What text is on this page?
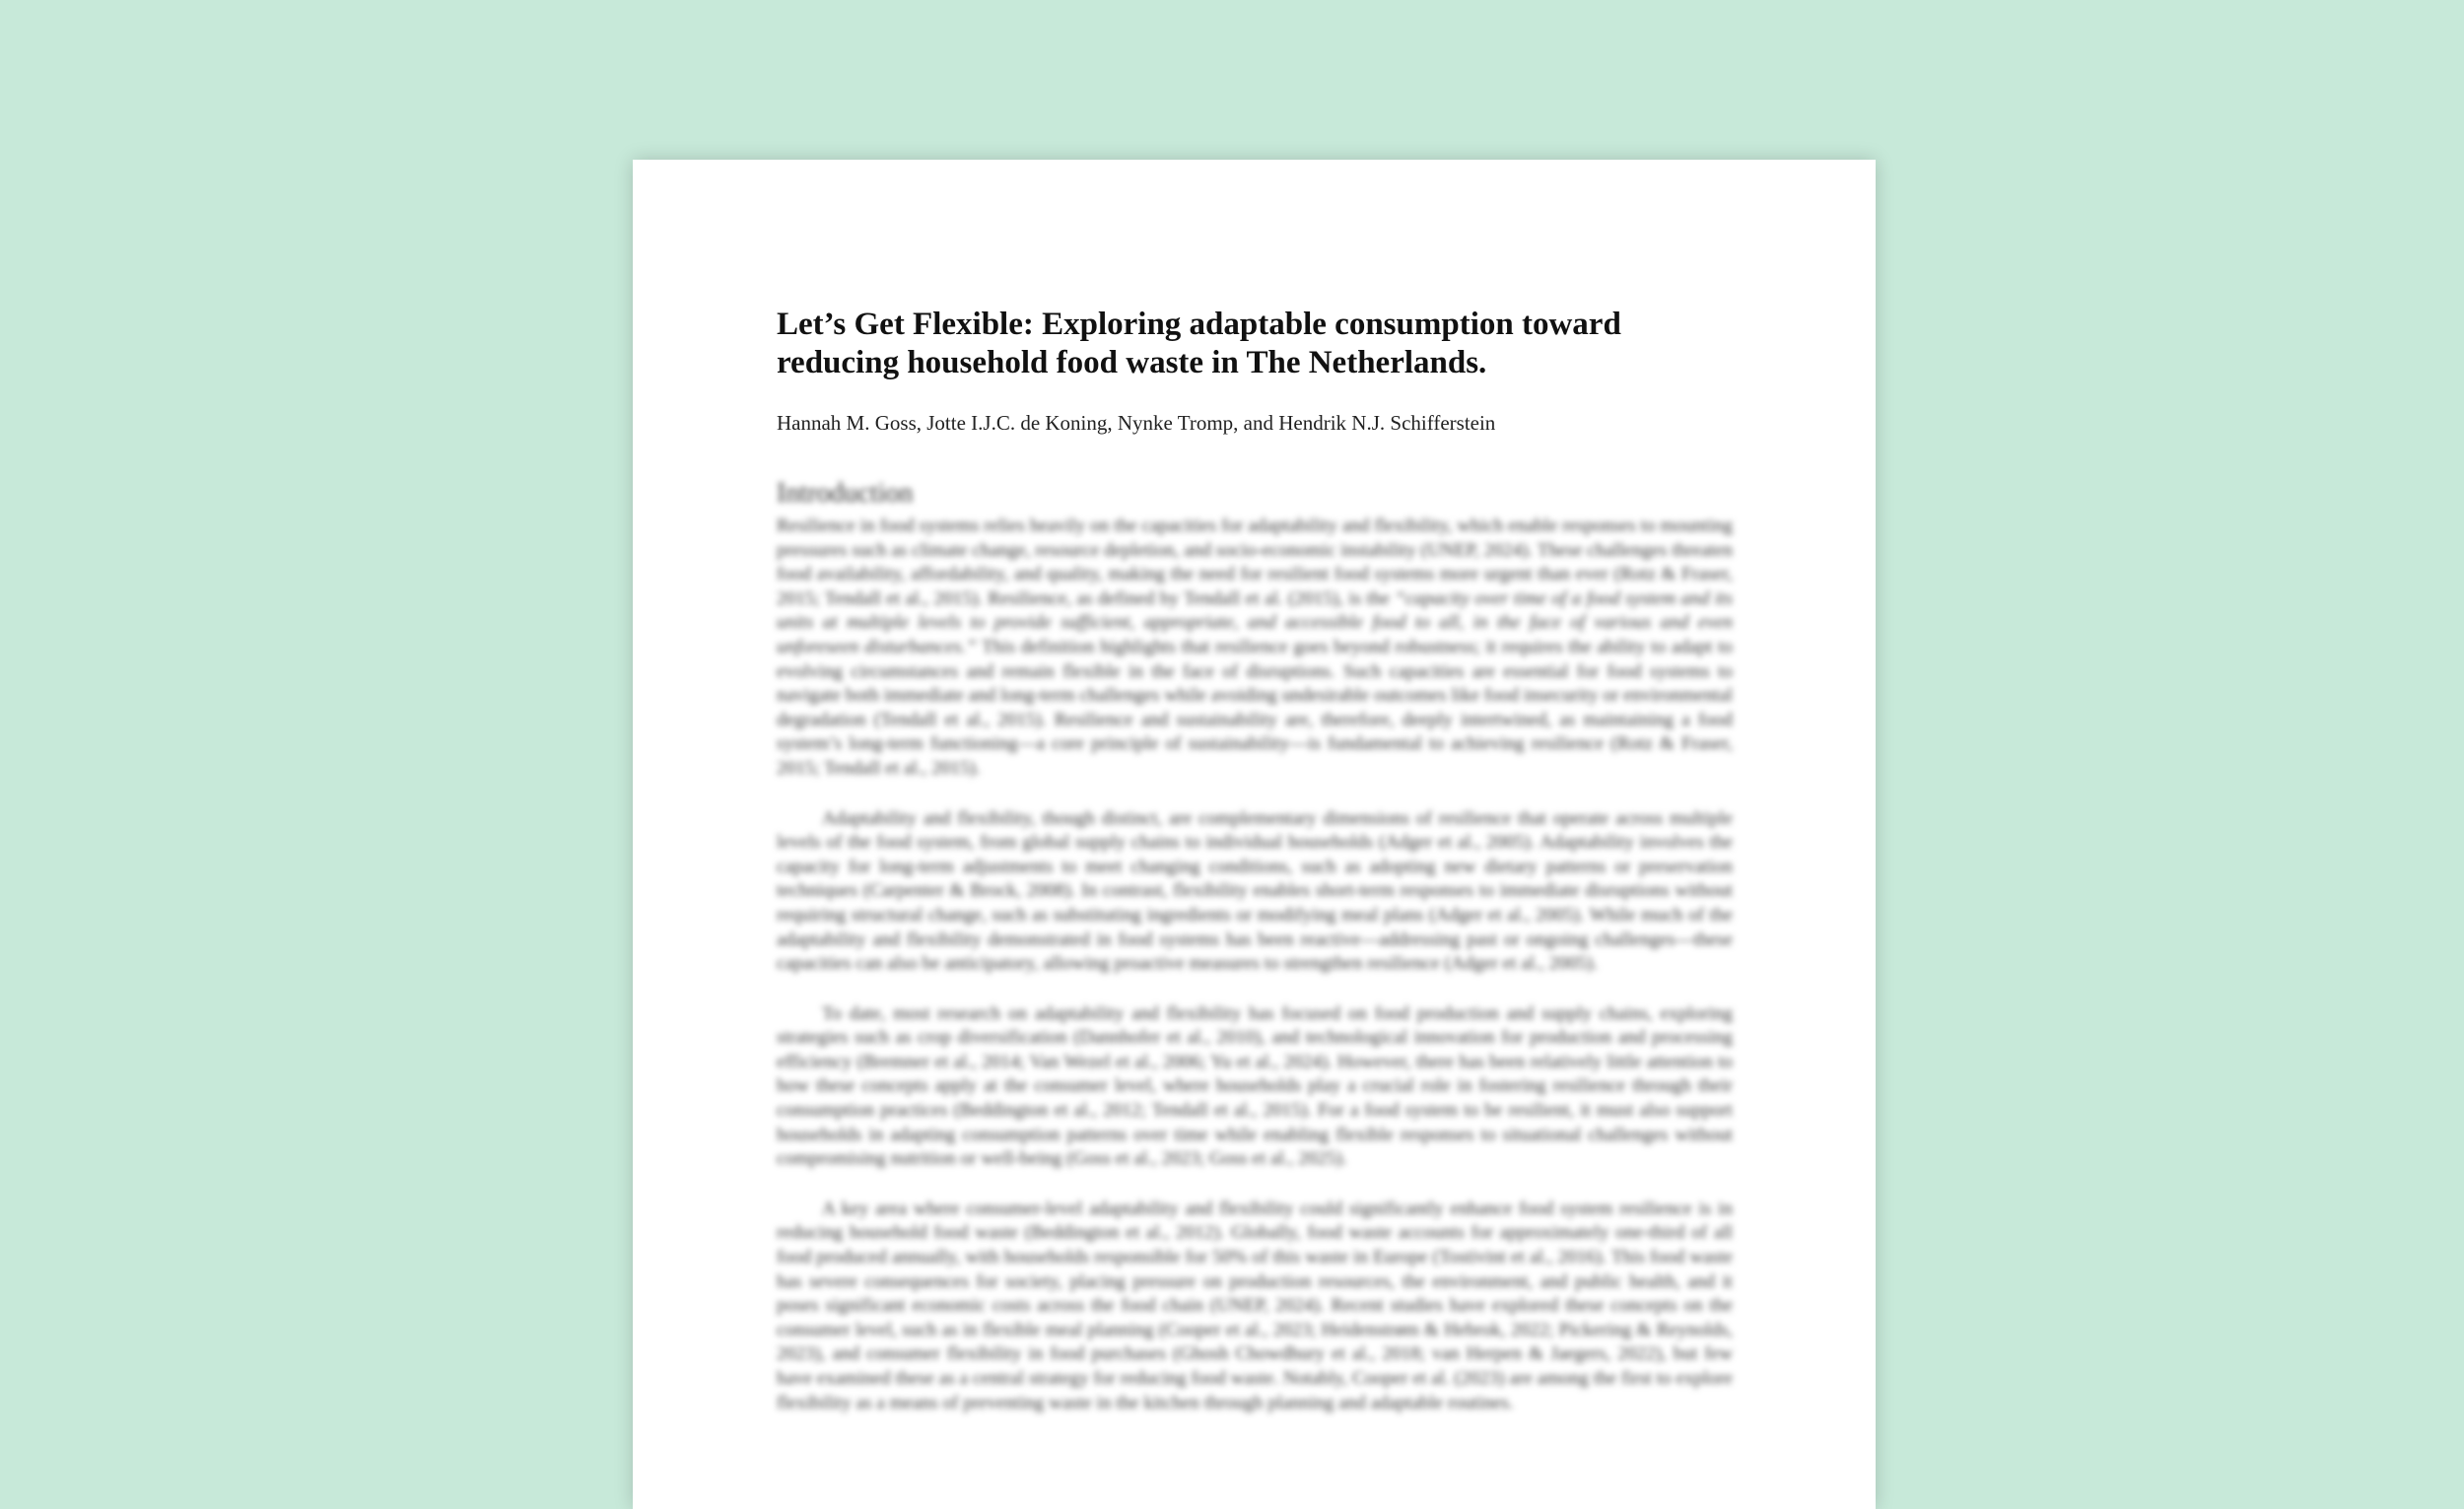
Let’s Get Flexible: Exploring adaptable consumption toward reducing household food waste in The Netherlands.

Hannah M. Goss, Jotte I.J.C. de Koning, Nynke Tromp, and Hendrik N.J. Schifferstein

Introduction

Resilience in food systems relies heavily on the capacities for adaptability and flexibility, which enable responses to mounting pressures such as climate change, resource depletion, and socio-economic instability (UNEP, 2024). These challenges threaten food availability, affordability, and quality, making the need for resilient food systems more urgent than ever (Rotz & Fraser, 2015; Tendall et al., 2015). Resilience, as defined by Tendall et al. (2015), is the “capacity over time of a food system and its units at multiple levels to provide sufficient, appropriate, and accessible food to all, in the face of various and even unforeseen disturbances.” This definition highlights that resilience goes beyond robustness; it requires the ability to adapt to evolving circumstances and remain flexible in the face of disruptions. Such capacities are essential for food systems to navigate both immediate and long-term challenges while avoiding undesirable outcomes like food insecurity or environmental degradation (Tendall et al., 2015). Resilience and sustainability are, therefore, deeply intertwined, as maintaining a food system’s long-term functioning—a core principle of sustainability—is fundamental to achieving resilience (Rotz & Fraser, 2015; Tendall et al., 2015).

Adaptability and flexibility, though distinct, are complementary dimensions of resilience that operate across multiple levels of the food system, from global supply chains to individual households (Adger et al., 2005). Adaptability involves the capacity for long-term adjustments to meet changing conditions, such as adopting new dietary patterns or preservation techniques (Carpenter & Brock, 2008). In contrast, flexibility enables short-term responses to immediate disruptions without requiring structural change, such as substituting ingredients or modifying meal plans (Adger et al., 2005). While much of the adaptability and flexibility demonstrated in food systems has been reactive—addressing past or ongoing challenges—these capacities can also be anticipatory, allowing proactive measures to strengthen resilience (Adger et al., 2005).

To date, most research on adaptability and flexibility has focused on food production and supply chains, exploring strategies such as crop diversification (Dannhofer et al., 2010), and technological innovation for production and processing efficiency (Bremner et al., 2014; Van Wezel et al., 2006; Yu et al., 2024). However, there has been relatively little attention to how these concepts apply at the consumer level, where households play a crucial role in fostering resilience through their consumption practices (Beddington et al., 2012; Tendall et al., 2015). For a food system to be resilient, it must also support households in adapting consumption patterns over time while enabling flexible responses to situational challenges without compromising nutrition or well-being (Goss et al., 2023; Goss et al., 2025).

A key area where consumer-level adaptability and flexibility could significantly enhance food system resilience is in reducing household food waste (Beddington et al., 2012). Globally, food waste accounts for approximately one-third of all food produced annually, with households responsible for 50% of this waste in Europe (Tostivint et al., 2016). This food waste has severe consequences for society, placing pressure on production resources, the environment, and public health, and it poses significant economic costs across the food chain (UNEP, 2024). Recent studies have explored these concepts on the consumer level, such as in flexible meal planning (Cooper et al., 2023; Heidenstrøm & Hebrok, 2022; Pickering & Reynolds, 2023), and consumer flexibility in food purchases (Ghosh Chowdhury et al., 2018; van Herpen & Jaegers, 2022), but few have examined these as a central strategy for reducing food waste. Notably, Cooper et al. (2023) are among the first to explore flexibility as a means of preventing waste in the kitchen through planning and adaptable routines.
